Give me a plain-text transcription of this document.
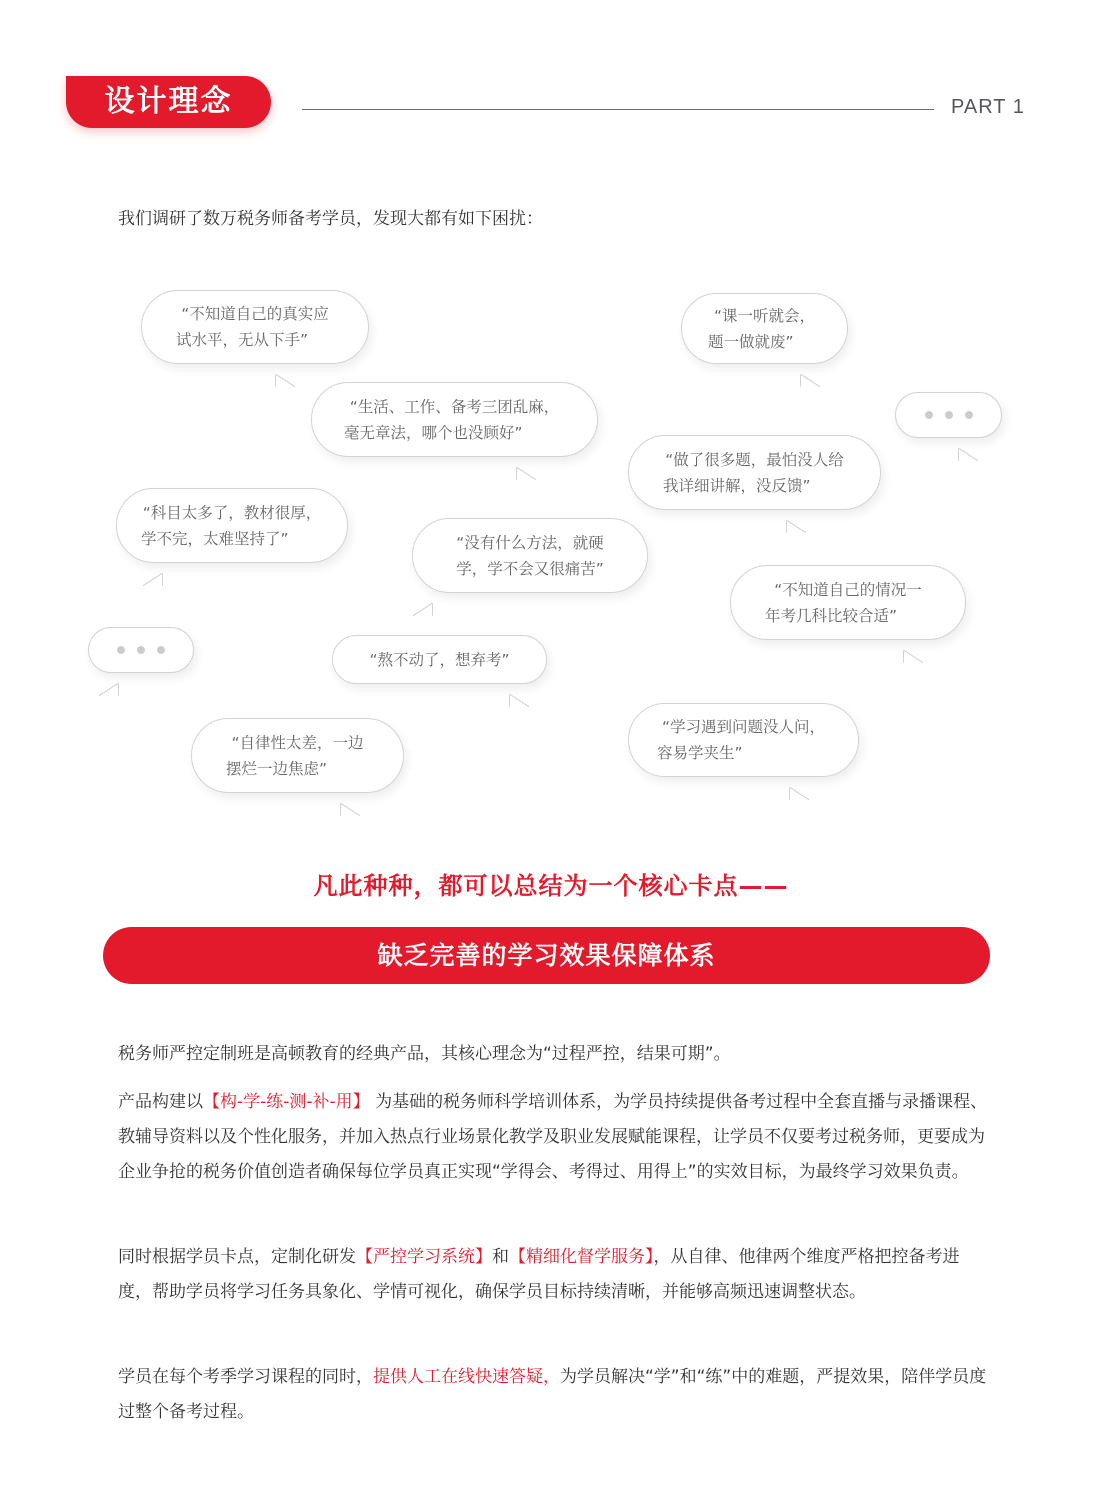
设计理念	PART 1
我们调研了数万税务师备考学员，发现大都有如下困扰：
“不知道自己的真实应
试水平，无从下手”
“课一听就会，
题一做就废”
“生活、工作、备考三团乱麻，
毫无章法，哪个也没顾好”
“做了很多题，最怕没人给
我详细讲解，没反馈”
“科目太多了，教材很厚，
学不完，太难坚持了”	“没有什么方法，就硬
学，学不会又很痛苦”
“不知道自己的情况一
年考几科比较合适”
“熬不动了，想弃考”
“学习遇到问题没人问，
容易学夹生”
“自律性太差，一边
摆烂一边焦虑”
凡此种种，都可以总结为一个核心卡点——
缺乏完善的学习效果保障体系
税务师严控定制班是高顿教育的经典产品，其核心理念为“过程严控，结果可期”。
产品构建以【构-学-练-测-补-用】 为基础的税务师科学培训体系，为学员持续提供备考过程中全套直播与录播课程、教辅导资料以及个性化服务，并加入热点行业场景化教学及职业发展赋能课程，让学员不仅要考过税务师，更要成为企业争抢的税务价值创造者确保每位学员真正实现“学得会、考得过、用得上”的实效目标，为最终学习效果负责。
同时根据学员卡点，定制化研发【严控学习系统】和【精细化督学服务】，从自律、他律两个维度严格把控备考进度，帮助学员将学习任务具象化、学情可视化，确保学员目标持续清晰，并能够高频迅速调整状态。
学员在每个考季学习课程的同时，提供人工在线快速答疑，为学员解决“学”和“练”中的难题，严提效果，陪伴学员度过整个备考过程。
